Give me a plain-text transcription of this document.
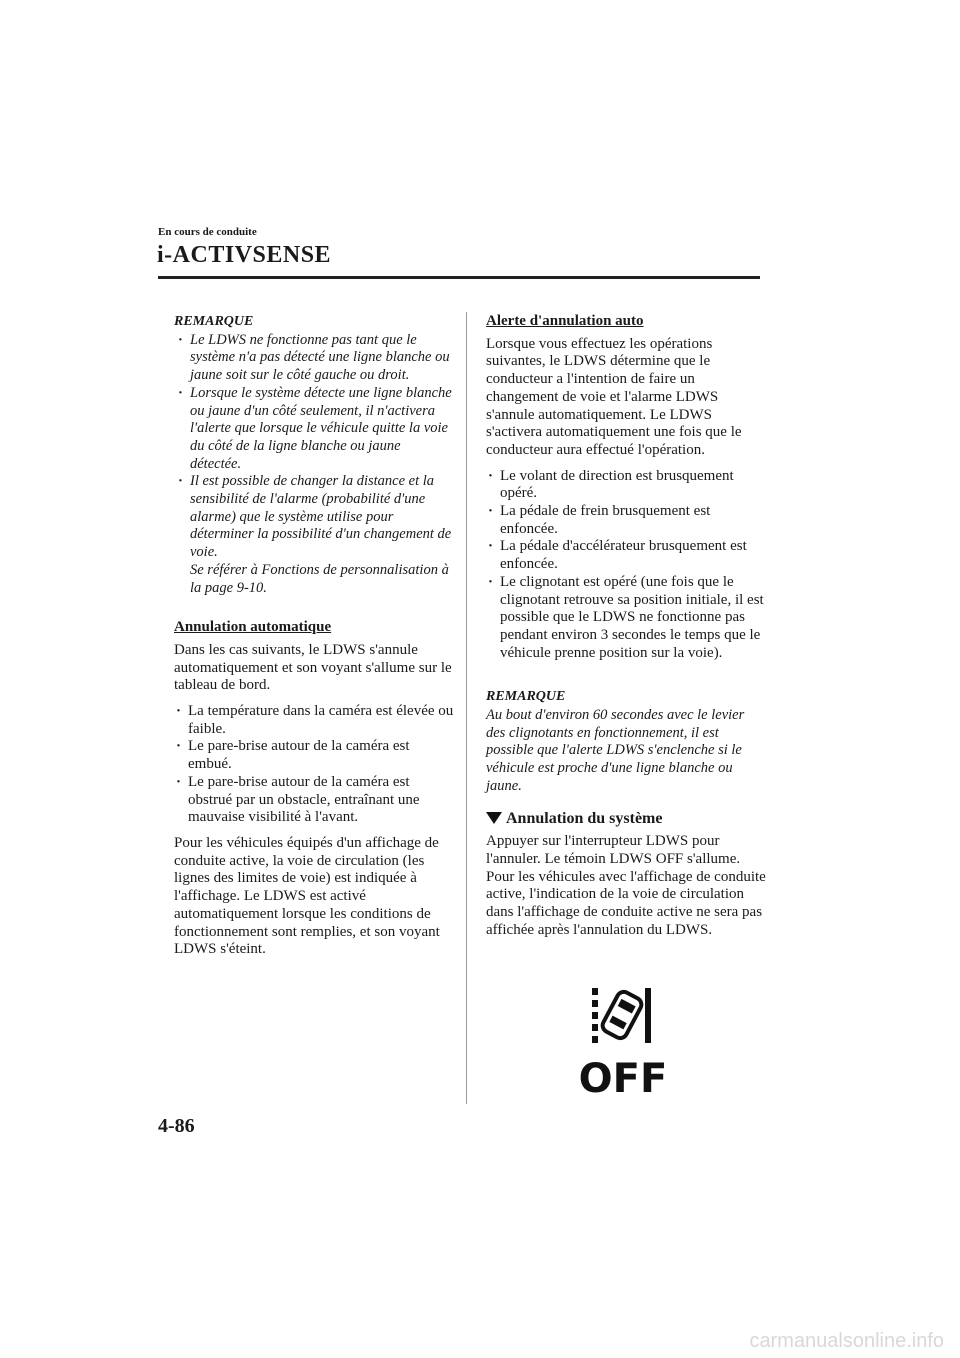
En cours de conduite
i-ACTIVSENSE
REMARQUE
· Le LDWS ne fonctionne pas tant que le système n'a pas détecté une ligne blanche ou jaune soit sur le côté gauche ou droit.
· Lorsque le système détecte une ligne blanche ou jaune d'un côté seulement, il n'activera l'alerte que lorsque le véhicule quitte la voie du côté de la ligne blanche ou jaune détectée.
· Il est possible de changer la distance et la sensibilité de l'alarme (probabilité d'une alarme) que le système utilise pour déterminer la possibilité d'un changement de voie.
Se référer à Fonctions de personnalisation à la page 9-10.
Annulation automatique

Dans les cas suivants, le LDWS s'annule automatiquement et son voyant s'allume sur le tableau de bord.

· La température dans la caméra est élevée ou faible.
· Le pare-brise autour de la caméra est embué.
· Le pare-brise autour de la caméra est obstrué par un obstacle, entraînant une mauvaise visibilité à l'avant.

Pour les véhicules équipés d'un affichage de conduite active, la voie de circulation (les lignes des limites de voie) est indiquée à l'affichage. Le LDWS est activé automatiquement lorsque les conditions de fonctionnement sont remplies, et son voyant LDWS s'éteint.

Alerte d'annulation auto

Lorsque vous effectuez les opérations suivantes, le LDWS détermine que le conducteur a l'intention de faire un changement de voie et l'alarme LDWS s'annule automatiquement. Le LDWS s'activera automatiquement une fois que le conducteur aura effectué l'opération.

· Le volant de direction est brusquement opéré.
· La pédale de frein brusquement est enfoncée.
· La pédale d'accélérateur brusquement est enfoncée.
· Le clignotant est opéré (une fois que le clignotant retrouve sa position initiale, il est possible que le LDWS ne fonctionne pas pendant environ 3 secondes le temps que le véhicule prenne position sur la voie).
REMARQUE

Au bout d'environ 60 secondes avec le levier des clignotants en fonctionnement, il est possible que l'alerte LDWS s'enclenche si le véhicule est proche d'une ligne blanche ou jaune.

Annulation du système

Appuyer sur l'interrupteur LDWS pour l'annuler. Le témoin LDWS OFF s'allume. Pour les véhicules avec l'affichage de conduite active, l'indication de la voie de circulation dans l'affichage de conduite active ne sera pas affichée après l'annulation du LDWS.

OFF
4-86
carmanualsonline.info
